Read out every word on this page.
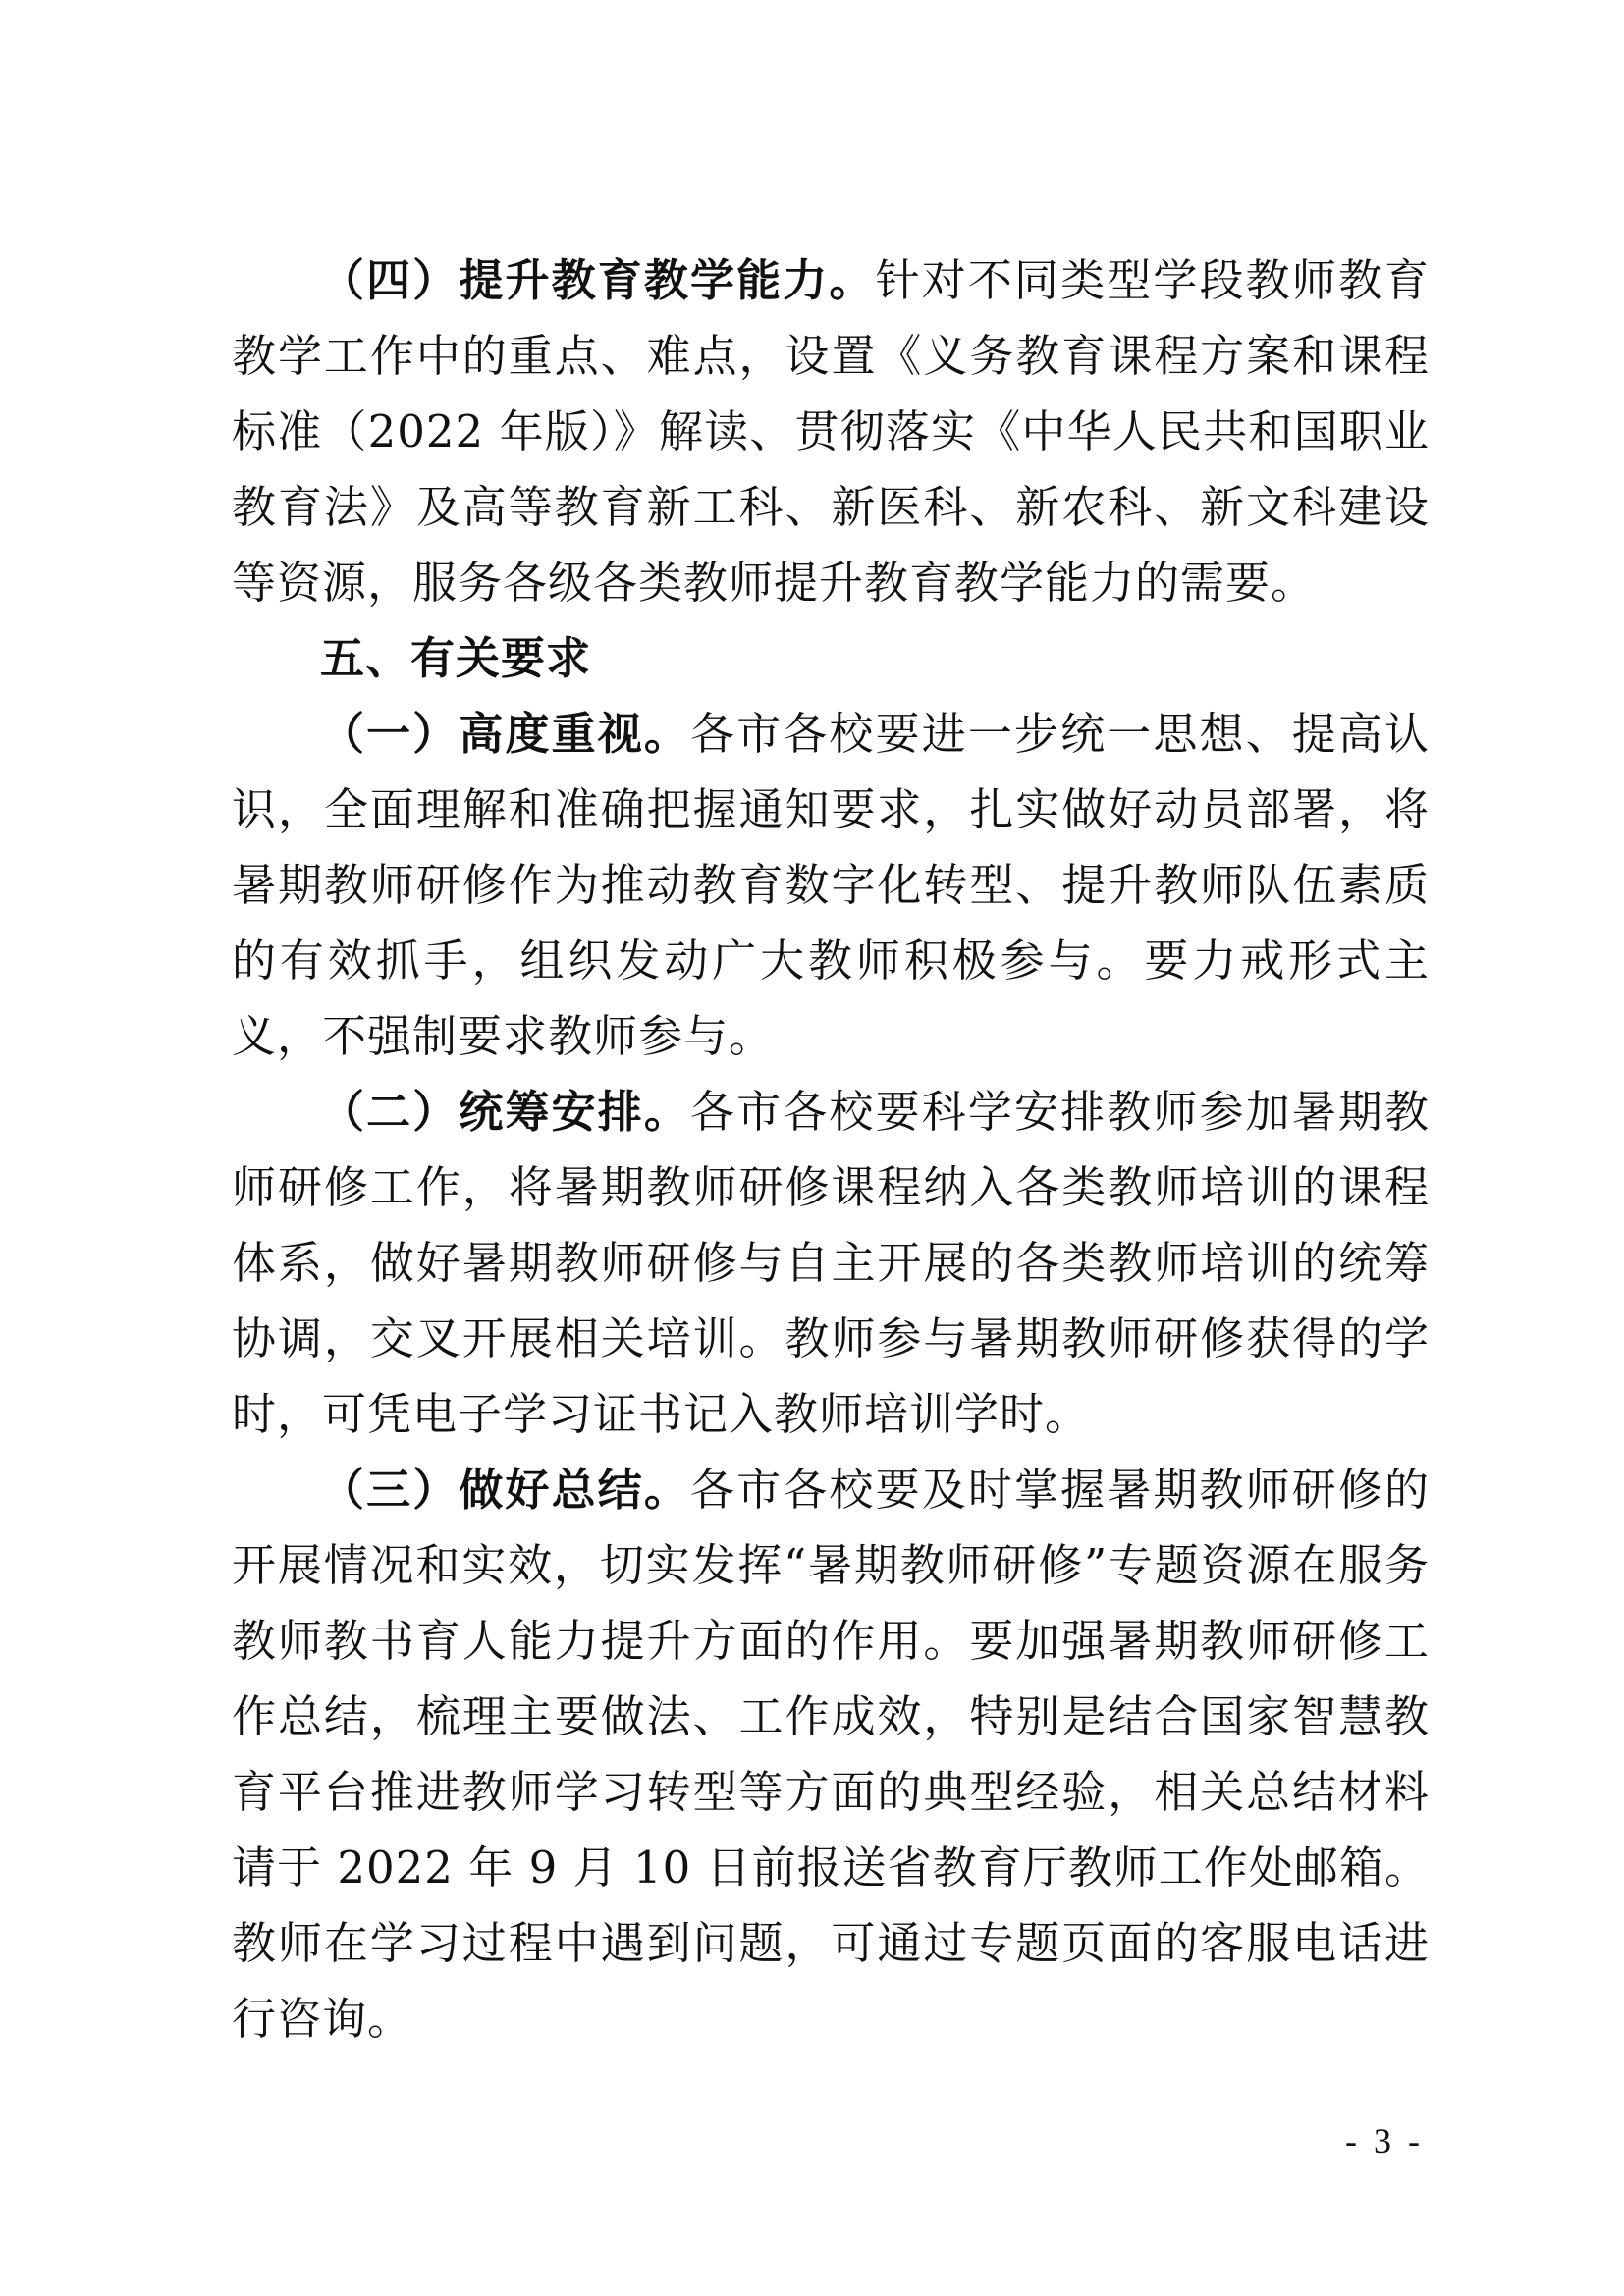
（四）提升教育教学能力。针对不同类型学段教师教育教学工作中的重点、难点，设置《义务教育课程方案和课程标准（2022 年版）》解读、贯彻落实《中华人民共和国职业教育法》及高等教育新工科、新医科、新农科、新文科建设等资源，服务各级各类教师提升教育教学能力的需要。

五、有关要求

（一）高度重视。各市各校要进一步统一思想、提高认识，全面理解和准确把握通知要求，扎实做好动员部署，将暑期教师研修作为推动教育数字化转型、提升教师队伍素质的有效抓手，组织发动广大教师积极参与。要力戒形式主义，不强制要求教师参与。

（二）统筹安排。各市各校要科学安排教师参加暑期教师研修工作，将暑期教师研修课程纳入各类教师培训的课程体系，做好暑期教师研修与自主开展的各类教师培训的统筹协调，交叉开展相关培训。教师参与暑期教师研修获得的学时，可凭电子学习证书记入教师培训学时。

（三）做好总结。各市各校要及时掌握暑期教师研修的开展情况和实效，切实发挥“暑期教师研修”专题资源在服务教师教书育人能力提升方面的作用。要加强暑期教师研修工作总结，梳理主要做法、工作成效，特别是结合国家智慧教育平台推进教师学习转型等方面的典型经验，相关总结材料请于 2022 年 9 月 10 日前报送省教育厅教师工作处邮箱。教师在学习过程中遇到问题，可通过专题页面的客服电话进行咨询。

- 3 -
